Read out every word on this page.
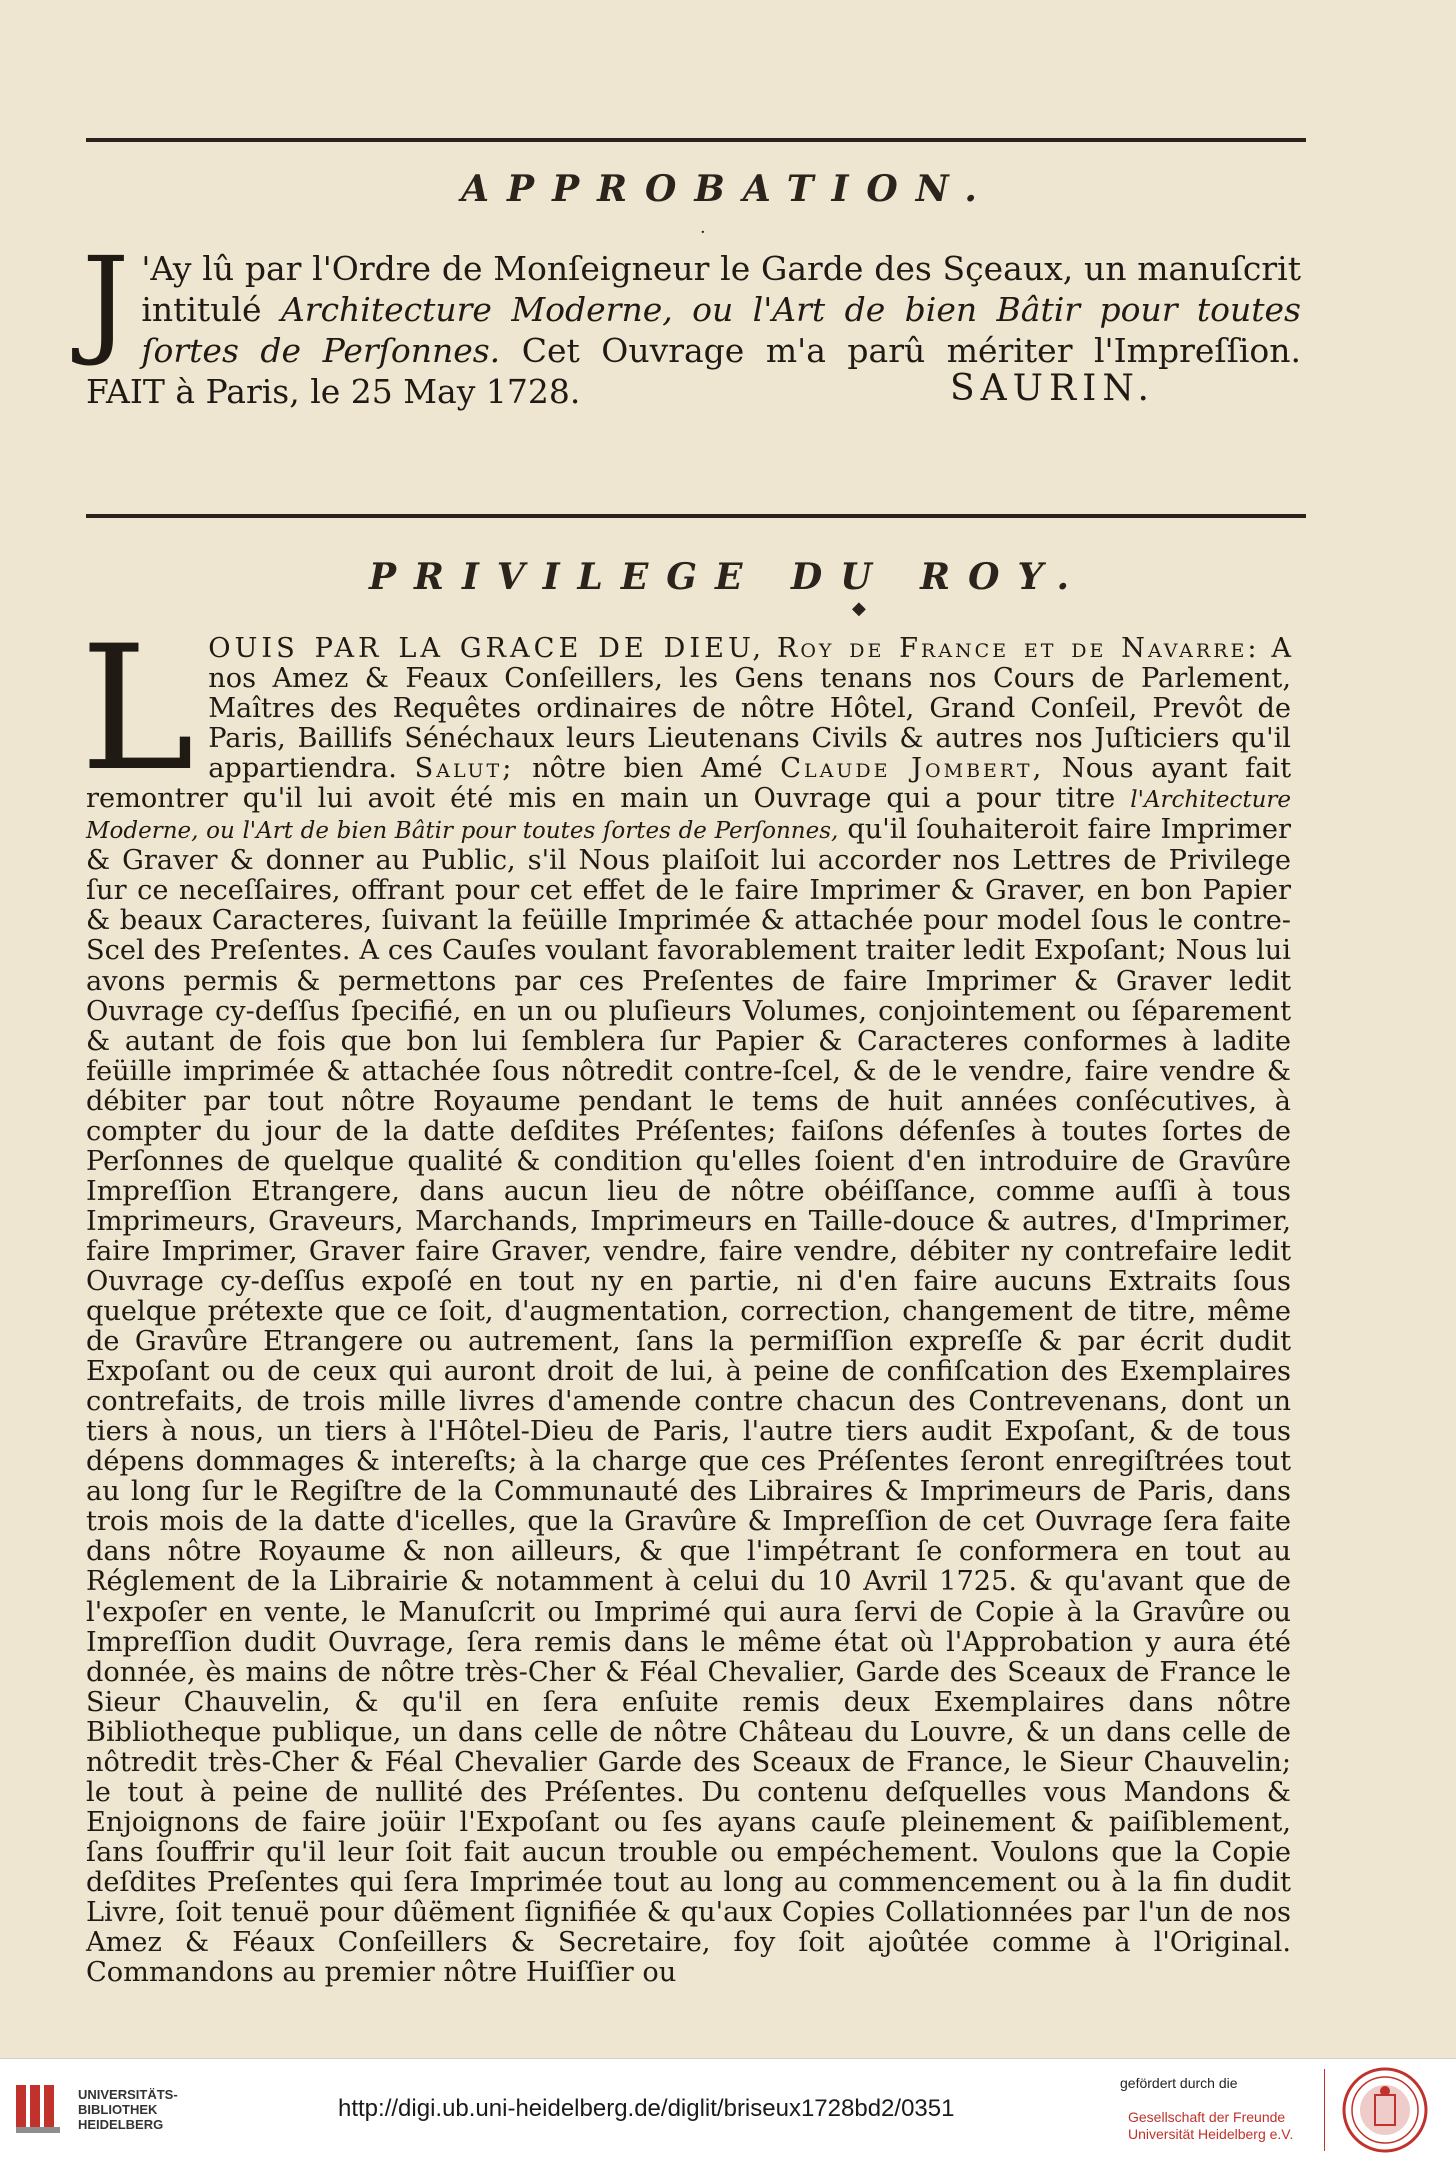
APPROBATION.
·
J 'Ay lû par l'Ordre de Monſeigneur le Garde des Sçeaux, un manuſcrit intitulé Architecture Moderne, ou l'Art de bien Bâtir pour toutes ſortes de Perſonnes. Cet Ouvrage m'a parû mériter l'Impreſſion. FAIT à Paris, le 25 May 1728.	SAURIN.
PRIVILEGE DU ROY.
◆
LOUIS PAR LA GRACE DE DIEU, Roy de France et de Navarre: A nos Amez & Feaux Conſeillers, les Gens tenans nos Cours de Parlement, Maîtres des Requêtes ordinaires de nôtre Hôtel, Grand Conſeil, Prevôt de Paris, Baillifs Sénéchaux leurs Lieutenans Civils & autres nos Juſticiers qu'il appartiendra. Salut; nôtre bien Amé Claude Jombert, Nous ayant fait remontrer qu'il lui avoit été mis en main un Ouvrage qui a pour titre l'Architecture Moderne, ou l'Art de bien Bâtir pour toutes ſortes de Perſonnes, qu'il ſouhaiteroit faire Imprimer & Graver & donner au Public, s'il Nous plaiſoit lui accorder nos Lettres de Privilege ſur ce neceſſaires, offrant pour cet effet de le faire Imprimer & Graver, en bon Papier & beaux Caracteres, ſuivant la feüille Imprimée & attachée pour model ſous le contre-Scel des Preſentes. A ces Cauſes voulant favorablement traiter ledit Expoſant; Nous lui avons permis & permettons par ces Preſentes de faire Imprimer & Graver ledit Ouvrage cy-deſſus ſpecifié, en un ou pluſieurs Volumes, conjointement ou ſéparement & autant de fois que bon lui ſemblera ſur Papier & Caracteres conformes à ladite feüille imprimée & attachée ſous nôtredit contre-ſcel, & de le vendre, faire vendre & débiter par tout nôtre Royaume pendant le tems de huit années conſécutives, à compter du jour de la datte deſdites Préſentes; faiſons défenſes à toutes ſortes de Perſonnes de quelque qualité & condition qu'elles ſoient d'en introduire de Gravûre Impreſſion Etrangere, dans aucun lieu de nôtre obéiſſance, comme auſſi à tous Imprimeurs, Graveurs, Marchands, Imprimeurs en Taille-douce & autres, d'Imprimer, faire Imprimer, Graver faire Graver, vendre, faire vendre, débiter ny contrefaire ledit Ouvrage cy-deſſus expoſé en tout ny en partie, ni d'en faire aucuns Extraits ſous quelque prétexte que ce ſoit, d'augmentation, correction, changement de titre, même de Gravûre Etrangere ou autrement, ſans la permiſſion expreſſe & par écrit dudit Expoſant ou de ceux qui auront droit de lui, à peine de confiſcation des Exemplaires contrefaits, de trois mille livres d'amende contre chacun des Contrevenans, dont un tiers à nous, un tiers à l'Hôtel-Dieu de Paris, l'autre tiers audit Expoſant, & de tous dépens dommages & intereſts; à la charge que ces Préſentes ſeront enregiſtrées tout au long ſur le Regiſtre de la Communauté des Libraires & Imprimeurs de Paris, dans trois mois de la datte d'icelles, que la Gravûre & Impreſſion de cet Ouvrage ſera faite dans nôtre Royaume & non ailleurs, & que l'impétrant ſe conformera en tout au Réglement de la Librairie & notamment à celui du 10 Avril 1725. & qu'avant que de l'expoſer en vente, le Manuſcrit ou Imprimé qui aura ſervi de Copie à la Gravûre ou Impreſſion dudit Ouvrage, ſera remis dans le même état où l'Approbation y aura été donnée, ès mains de nôtre très-Cher & Féal Chevalier, Garde des Sceaux de France le Sieur Chauvelin, & qu'il en ſera enſuite remis deux Exemplaires dans nôtre Bibliotheque publique, un dans celle de nôtre Château du Louvre, & un dans celle de nôtredit très-Cher & Féal Chevalier Garde des Sceaux de France, le Sieur Chauvelin; le tout à peine de nullité des Préſentes. Du contenu deſquelles vous Mandons & Enjoignons de faire joüir l'Expoſant ou ſes ayans cauſe pleinement & paiſiblement, ſans ſouffrir qu'il leur ſoit fait aucun trouble ou empéchement. Voulons que la Copie deſdites Preſentes qui ſera Imprimée tout au long au commencement ou à la fin dudit Livre, ſoit tenuë pour dûëment ſignifiée & qu'aux Copies Collationnées par l'un de nos Amez & Féaux Conſeillers & Secretaire, foy ſoit ajoûtée comme à l'Original. Commandons au premier nôtre Huiſſier ou
UNIVERSITÄTS-
BIBLIOTHEK
HEIDELBERG
http://digi.ub.uni-heidelberg.de/diglit/briseux1728bd2/0351
gefördert durch die
Gesellschaft der Freunde
Universität Heidelberg e.V.
